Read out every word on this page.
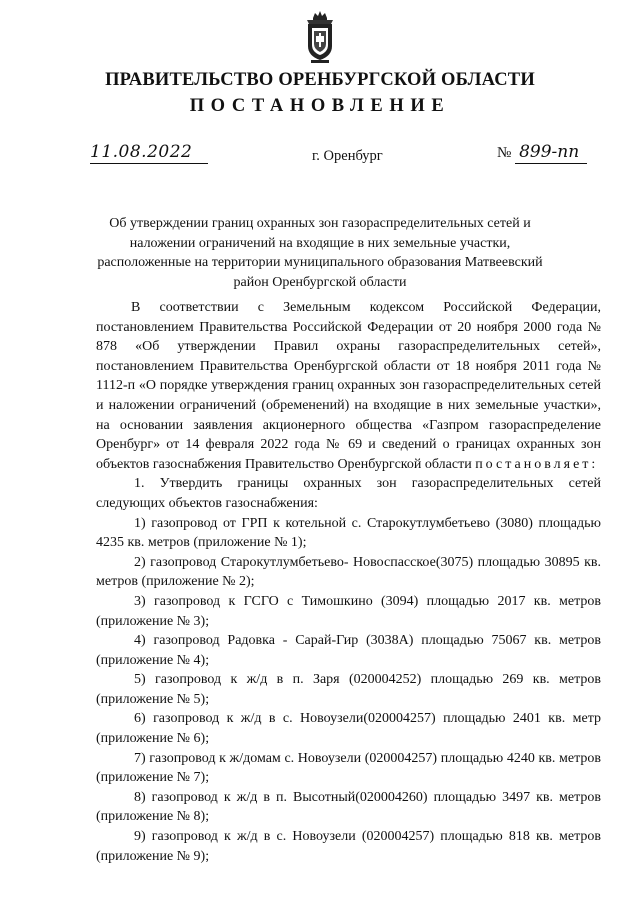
ПРАВИТЕЛЬСТВО ОРЕНБУРГСКОЙ ОБЛАСТИ
ПОСТАНОВЛЕНИЕ
11.08.2022	г. Оренбург	№ 899-пп
Об утверждении границ охранных зон газораспределительных сетей и наложении ограничений на входящие в них земельные участки, расположенные на территории муниципального образования Матвеевский район Оренбургской области

В соответствии с Земельным кодексом Российской Федерации, постановлением Правительства Российской Федерации от 20 ноября 2000 года № 878 «Об утверждении Правил охраны газораспределительных сетей», постановлением Правительства Оренбургской области от 18 ноября 2011 года № 1112-п «О порядке утверждения границ охранных зон газораспределительных сетей и наложении ограничений (обременений) на входящие в них земельные участки», на основании заявления акционерного общества «Газпром газораспределение Оренбург» от 14 февраля 2022 года № 69 и сведений о границах охранных зон объектов газоснабжения Правительство Оренбургской области постановляет:

1. Утвердить границы охранных зон газораспределительных сетей следующих объектов газоснабжения:

1) газопровод от ГРП к котельной с. Старокутлумбетьево (3080) площадью 4235 кв. метров (приложение № 1);

2) газопровод Старокутлумбетьево- Новоспасское(3075) площадью 30895 кв. метров (приложение № 2);

3) газопровод к ГСГО с Тимошкино (3094) площадью 2017 кв. метров (приложение № 3);

4) газопровод Радовка - Сарай-Гир (3038А) площадью 75067 кв. метров (приложение № 4);

5) газопровод к ж/д в п. Заря (020004252) площадью 269 кв. метров (приложение № 5);

6) газопровод к ж/д в с. Новоузели(020004257) площадью 2401 кв. метр (приложение № 6);

7) газопровод к ж/домам с. Новоузели (020004257) площадью 4240 кв. метров (приложение № 7);

8) газопровод к ж/д в п. Высотный(020004260) площадью 3497 кв. метров (приложение № 8);

9) газопровод к ж/д в с. Новоузели (020004257) площадью 818 кв. метров (приложение № 9);
